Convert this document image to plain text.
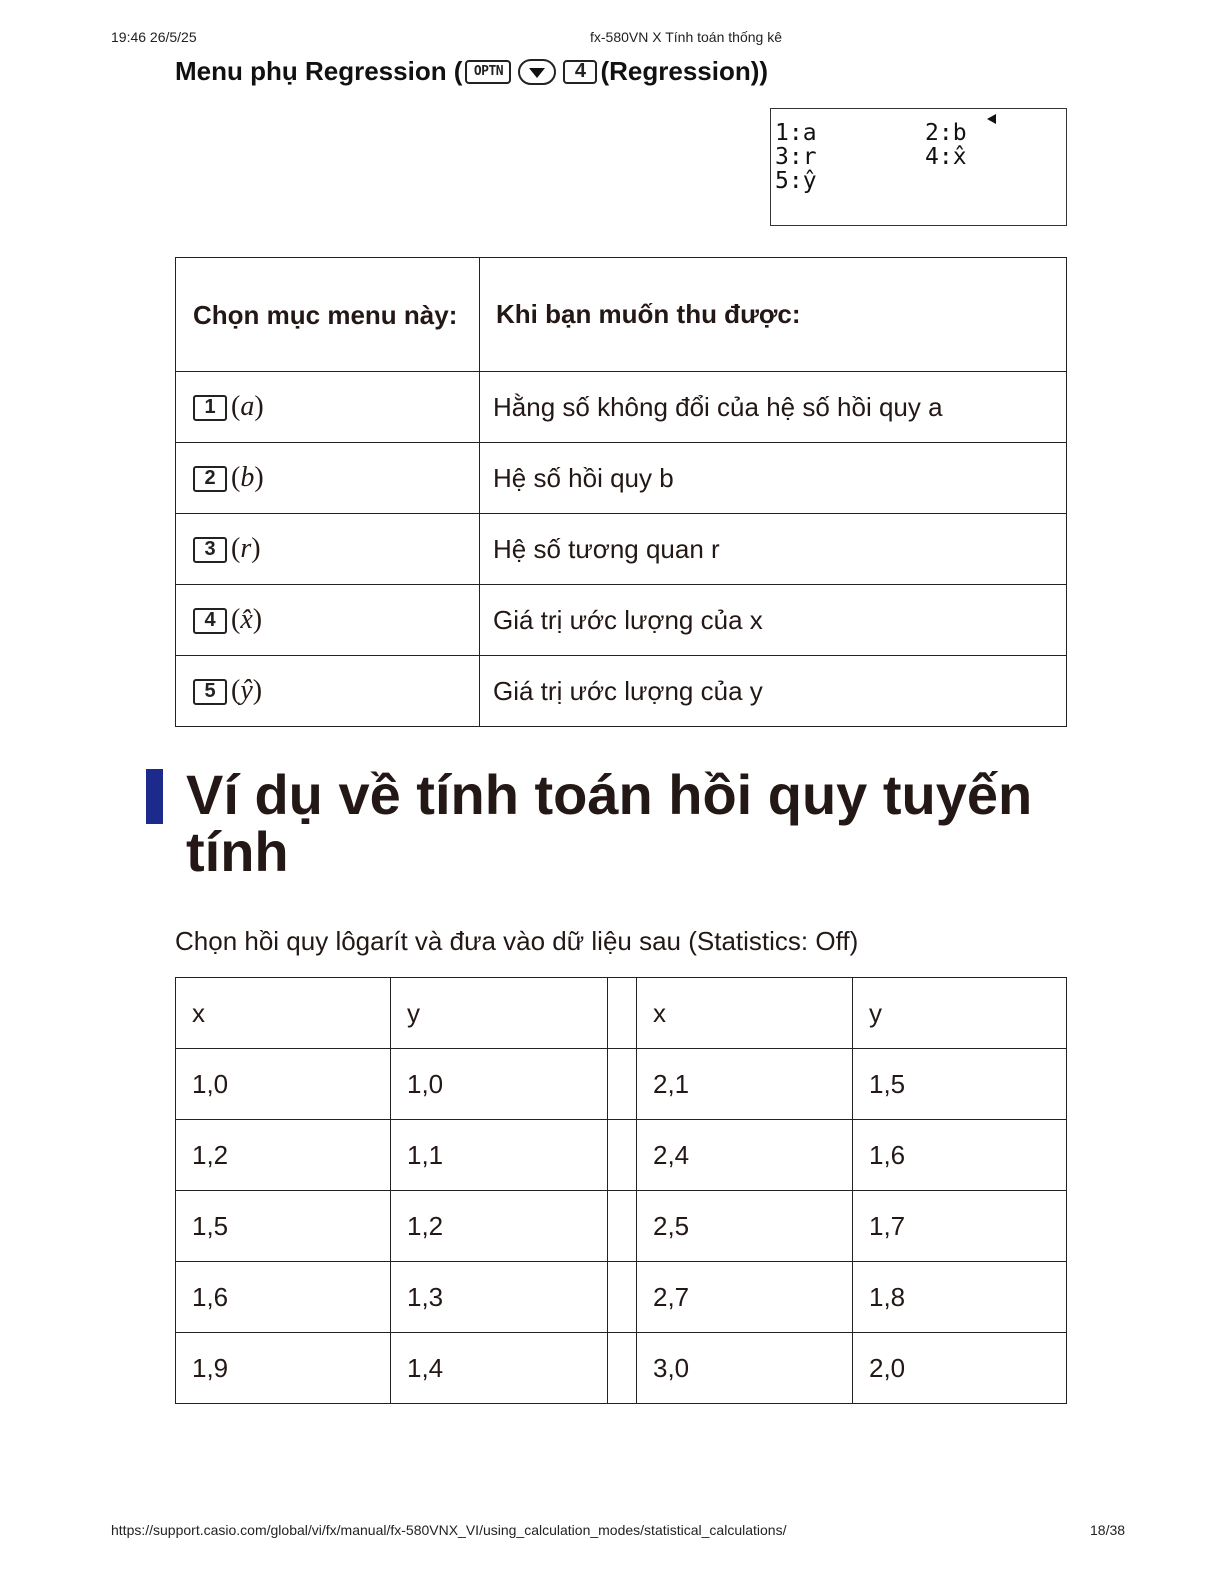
19:46 26/5/25	fx-580VN X Tính toán thống kê
Menu phụ Regression ( OPTN	4 (Regression))
1:a	2:b
3:r	4:x̂
5:ŷ
Chọn mục menu này:	Khi bạn muốn thu được:
1 (a)	Hằng số không đổi của hệ số hồi quy a
2 (b)	Hệ số hồi quy b
3 (r)	Hệ số tương quan r
4 (x̂)	Giá trị ước lượng của x
5 (ŷ)	Giá trị ước lượng của y
Ví dụ về tính toán hồi quy tuyến tính
Chọn hồi quy lôgarít và đưa vào dữ liệu sau (Statistics: Off)
x	y		x	y
1,0	1,0		2,1	1,5
1,2	1,1		2,4	1,6
1,5	1,2		2,5	1,7
1,6	1,3		2,7	1,8
1,9	1,4		3,0	2,0
https://support.casio.com/global/vi/fx/manual/fx-580VNX_VI/using_calculation_modes/statistical_calculations/	18/38
